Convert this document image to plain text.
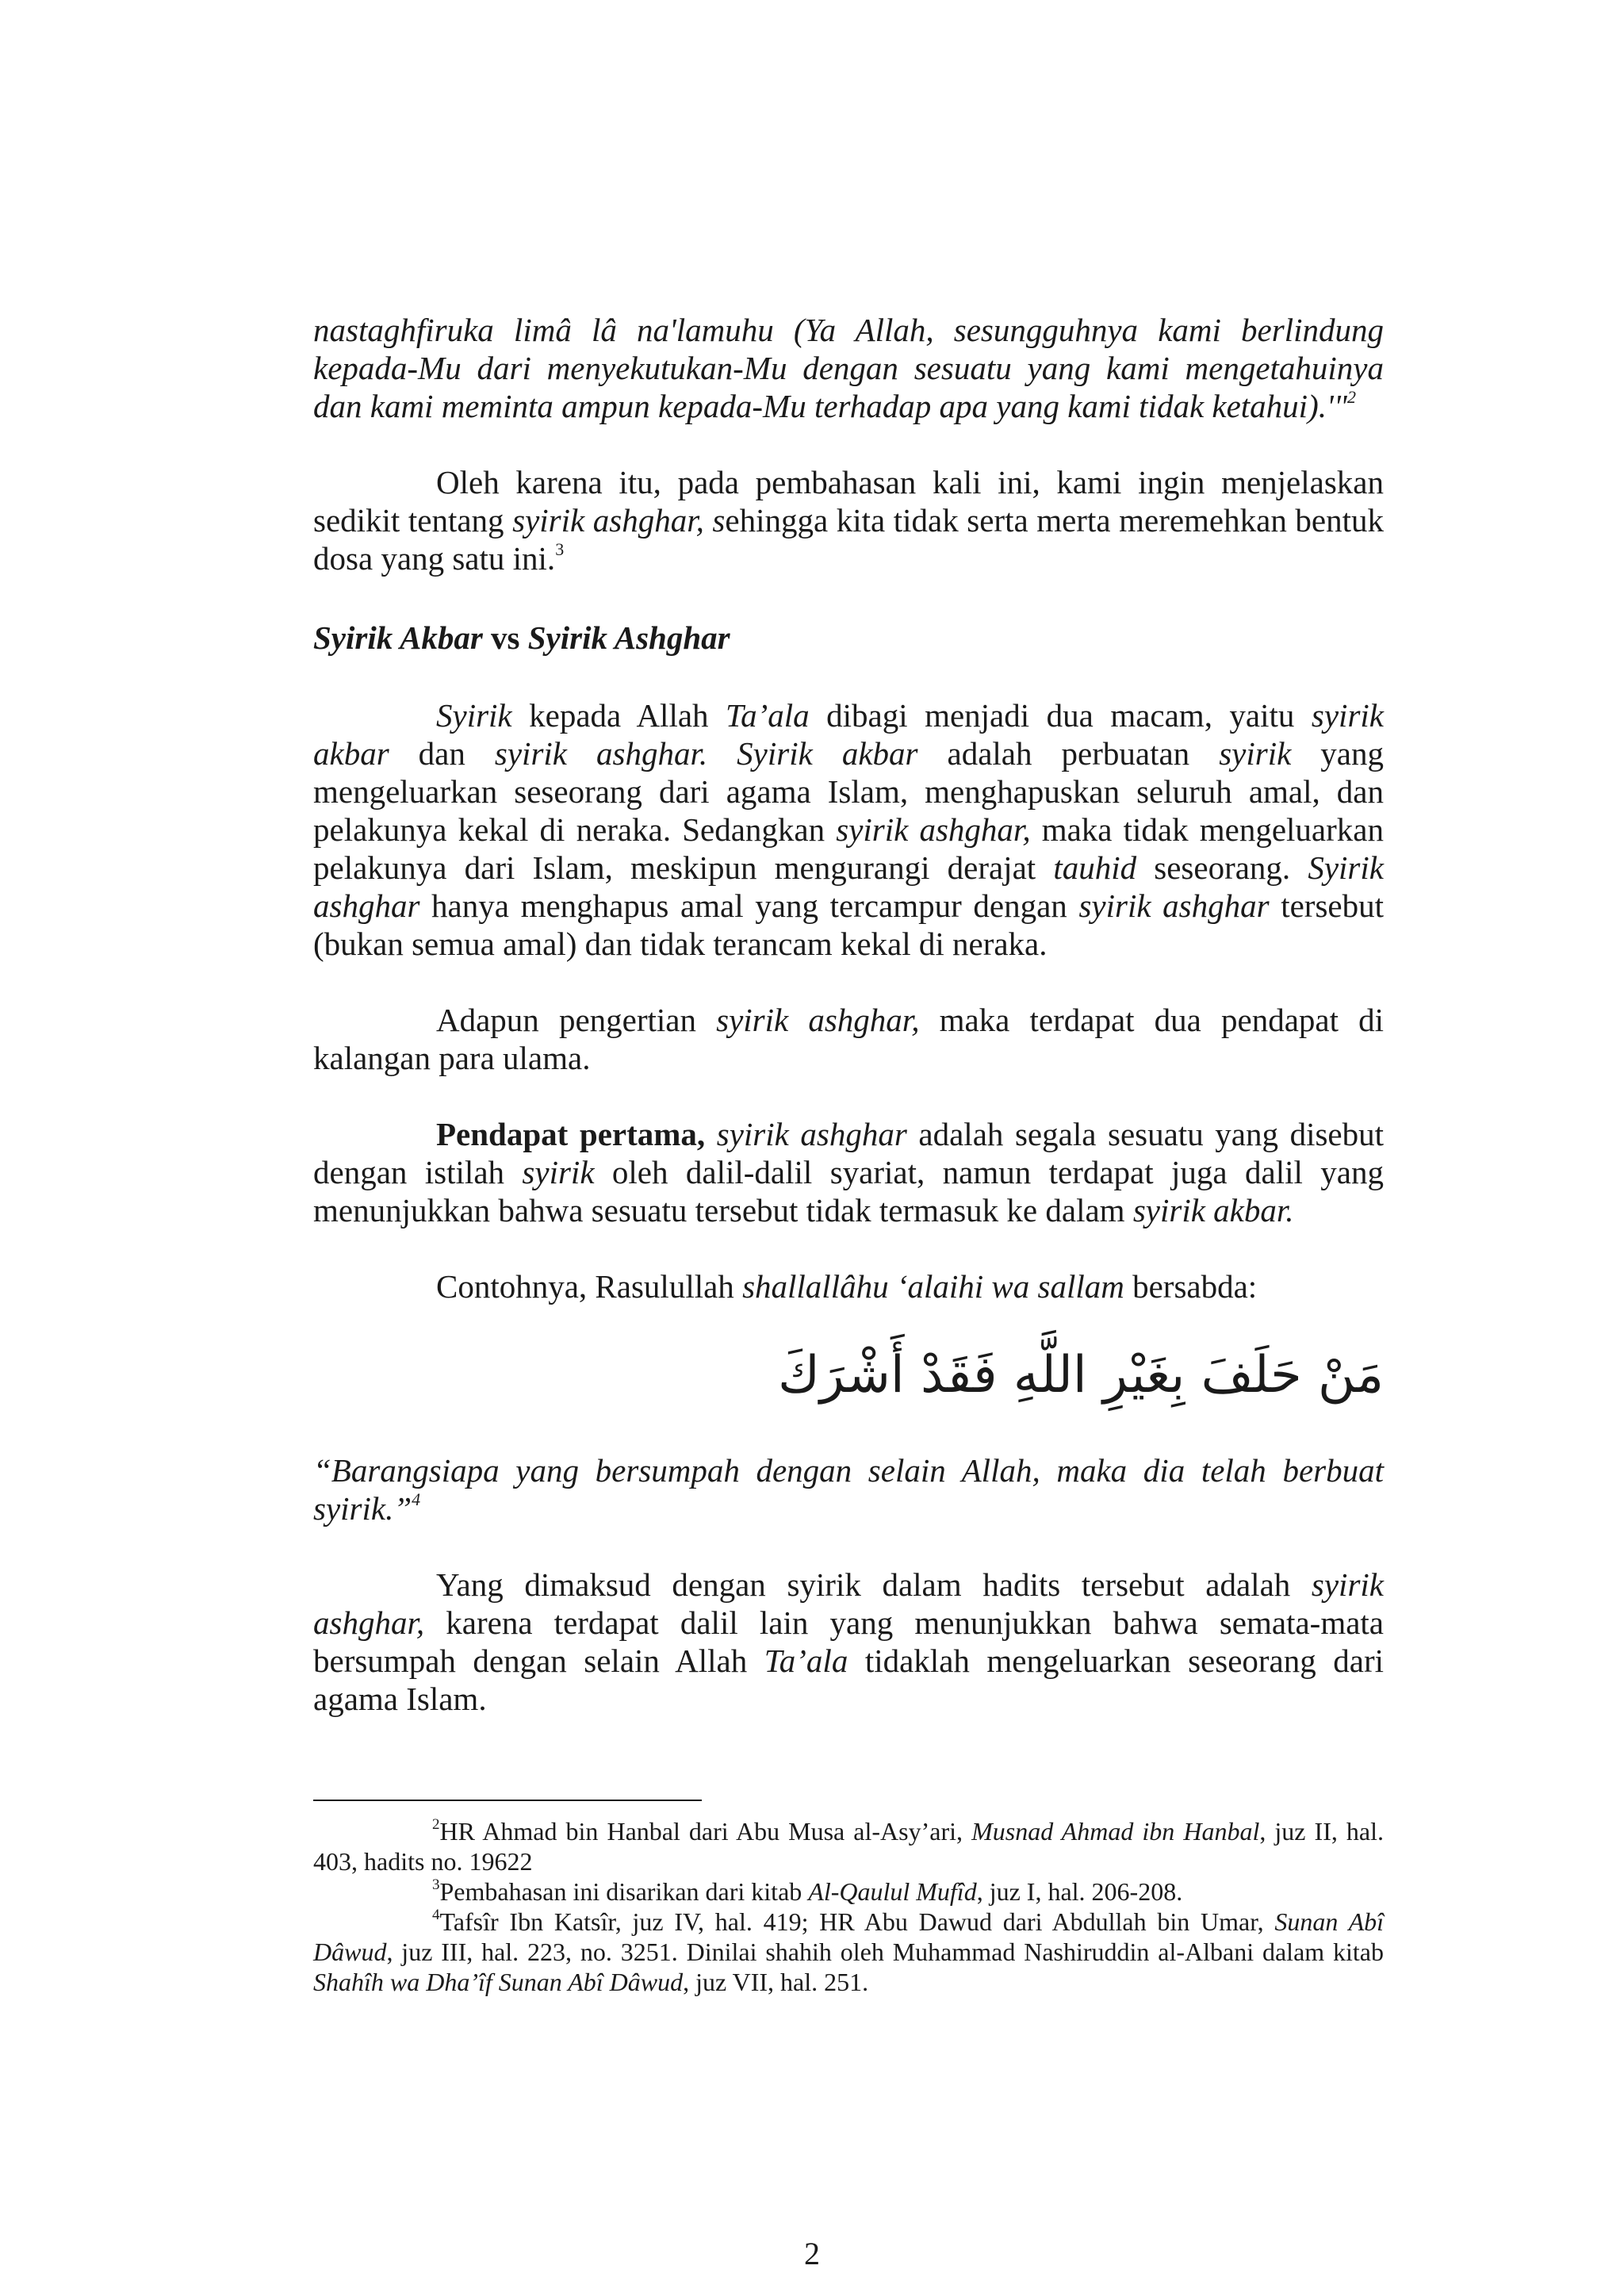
nastaghfiruka limâ lâ na'lamuhu (Ya Allah, sesungguhnya kami berlindung kepada-Mu dari menyekutukan-Mu dengan sesuatu yang kami mengetahuinya dan kami meminta ampun kepada-Mu terhadap apa yang kami tidak ketahui).'"$^2$

Oleh karena itu, pada pembahasan kali ini, kami ingin menjelaskan sedikit tentang syirik ashghar, sehingga kita tidak serta merta meremehkan bentuk dosa yang satu ini.$^3$

Syirik Akbar vs Syirik Ashghar

Syirik kepada Allah Ta’ala dibagi menjadi dua macam, yaitu syirik akbar dan syirik ashghar. Syirik akbar adalah perbuatan syirik yang mengeluarkan seseorang dari agama Islam, menghapuskan seluruh amal, dan pelakunya kekal di neraka. Sedangkan syirik ashghar, maka tidak mengeluarkan pelakunya dari Islam, meskipun mengurangi derajat tauhid seseorang. Syirik ashghar hanya menghapus amal yang tercampur dengan syirik ashghar tersebut (bukan semua amal) dan tidak terancam kekal di neraka.

Adapun pengertian syirik ashghar, maka terdapat dua pendapat di kalangan para ulama.

Pendapat pertama, syirik ashghar adalah segala sesuatu yang disebut dengan istilah syirik oleh dalil-dalil syariat, namun terdapat juga dalil yang menunjukkan bahwa sesuatu tersebut tidak termasuk ke dalam syirik akbar.

Contohnya, Rasulullah shallallâhu ‘alaihi wa sallam bersabda:

مَنْ حَلَفَ بِغَيْرِ اللَّهِ فَقَدْ أَشْرَكَ

“Barangsiapa yang bersumpah dengan selain Allah, maka dia telah berbuat syirik.”$^4$

Yang dimaksud dengan syirik dalam hadits tersebut adalah syirik ashghar, karena terdapat dalil lain yang menunjukkan bahwa semata-mata bersumpah dengan selain Allah Ta’ala tidaklah mengeluarkan seseorang dari agama Islam.

$^2$HR Ahmad bin Hanbal dari Abu Musa al-Asy’ari, Musnad Ahmad ibn Hanbal, juz II, hal. 403, hadits no. 19622

$^3$Pembahasan ini disarikan dari kitab Al-Qaulul Mufîd, juz I, hal. 206-208.

$^4$Tafsîr Ibn Katsîr, juz IV, hal. 419; HR Abu Dawud dari Abdullah bin Umar, Sunan Abî Dâwud, juz III, hal. 223, no. 3251. Dinilai shahih oleh Muhammad Nashiruddin al-Albani dalam kitab Shahîh wa Dha’îf Sunan Abî Dâwud, juz VII, hal. 251.

2
